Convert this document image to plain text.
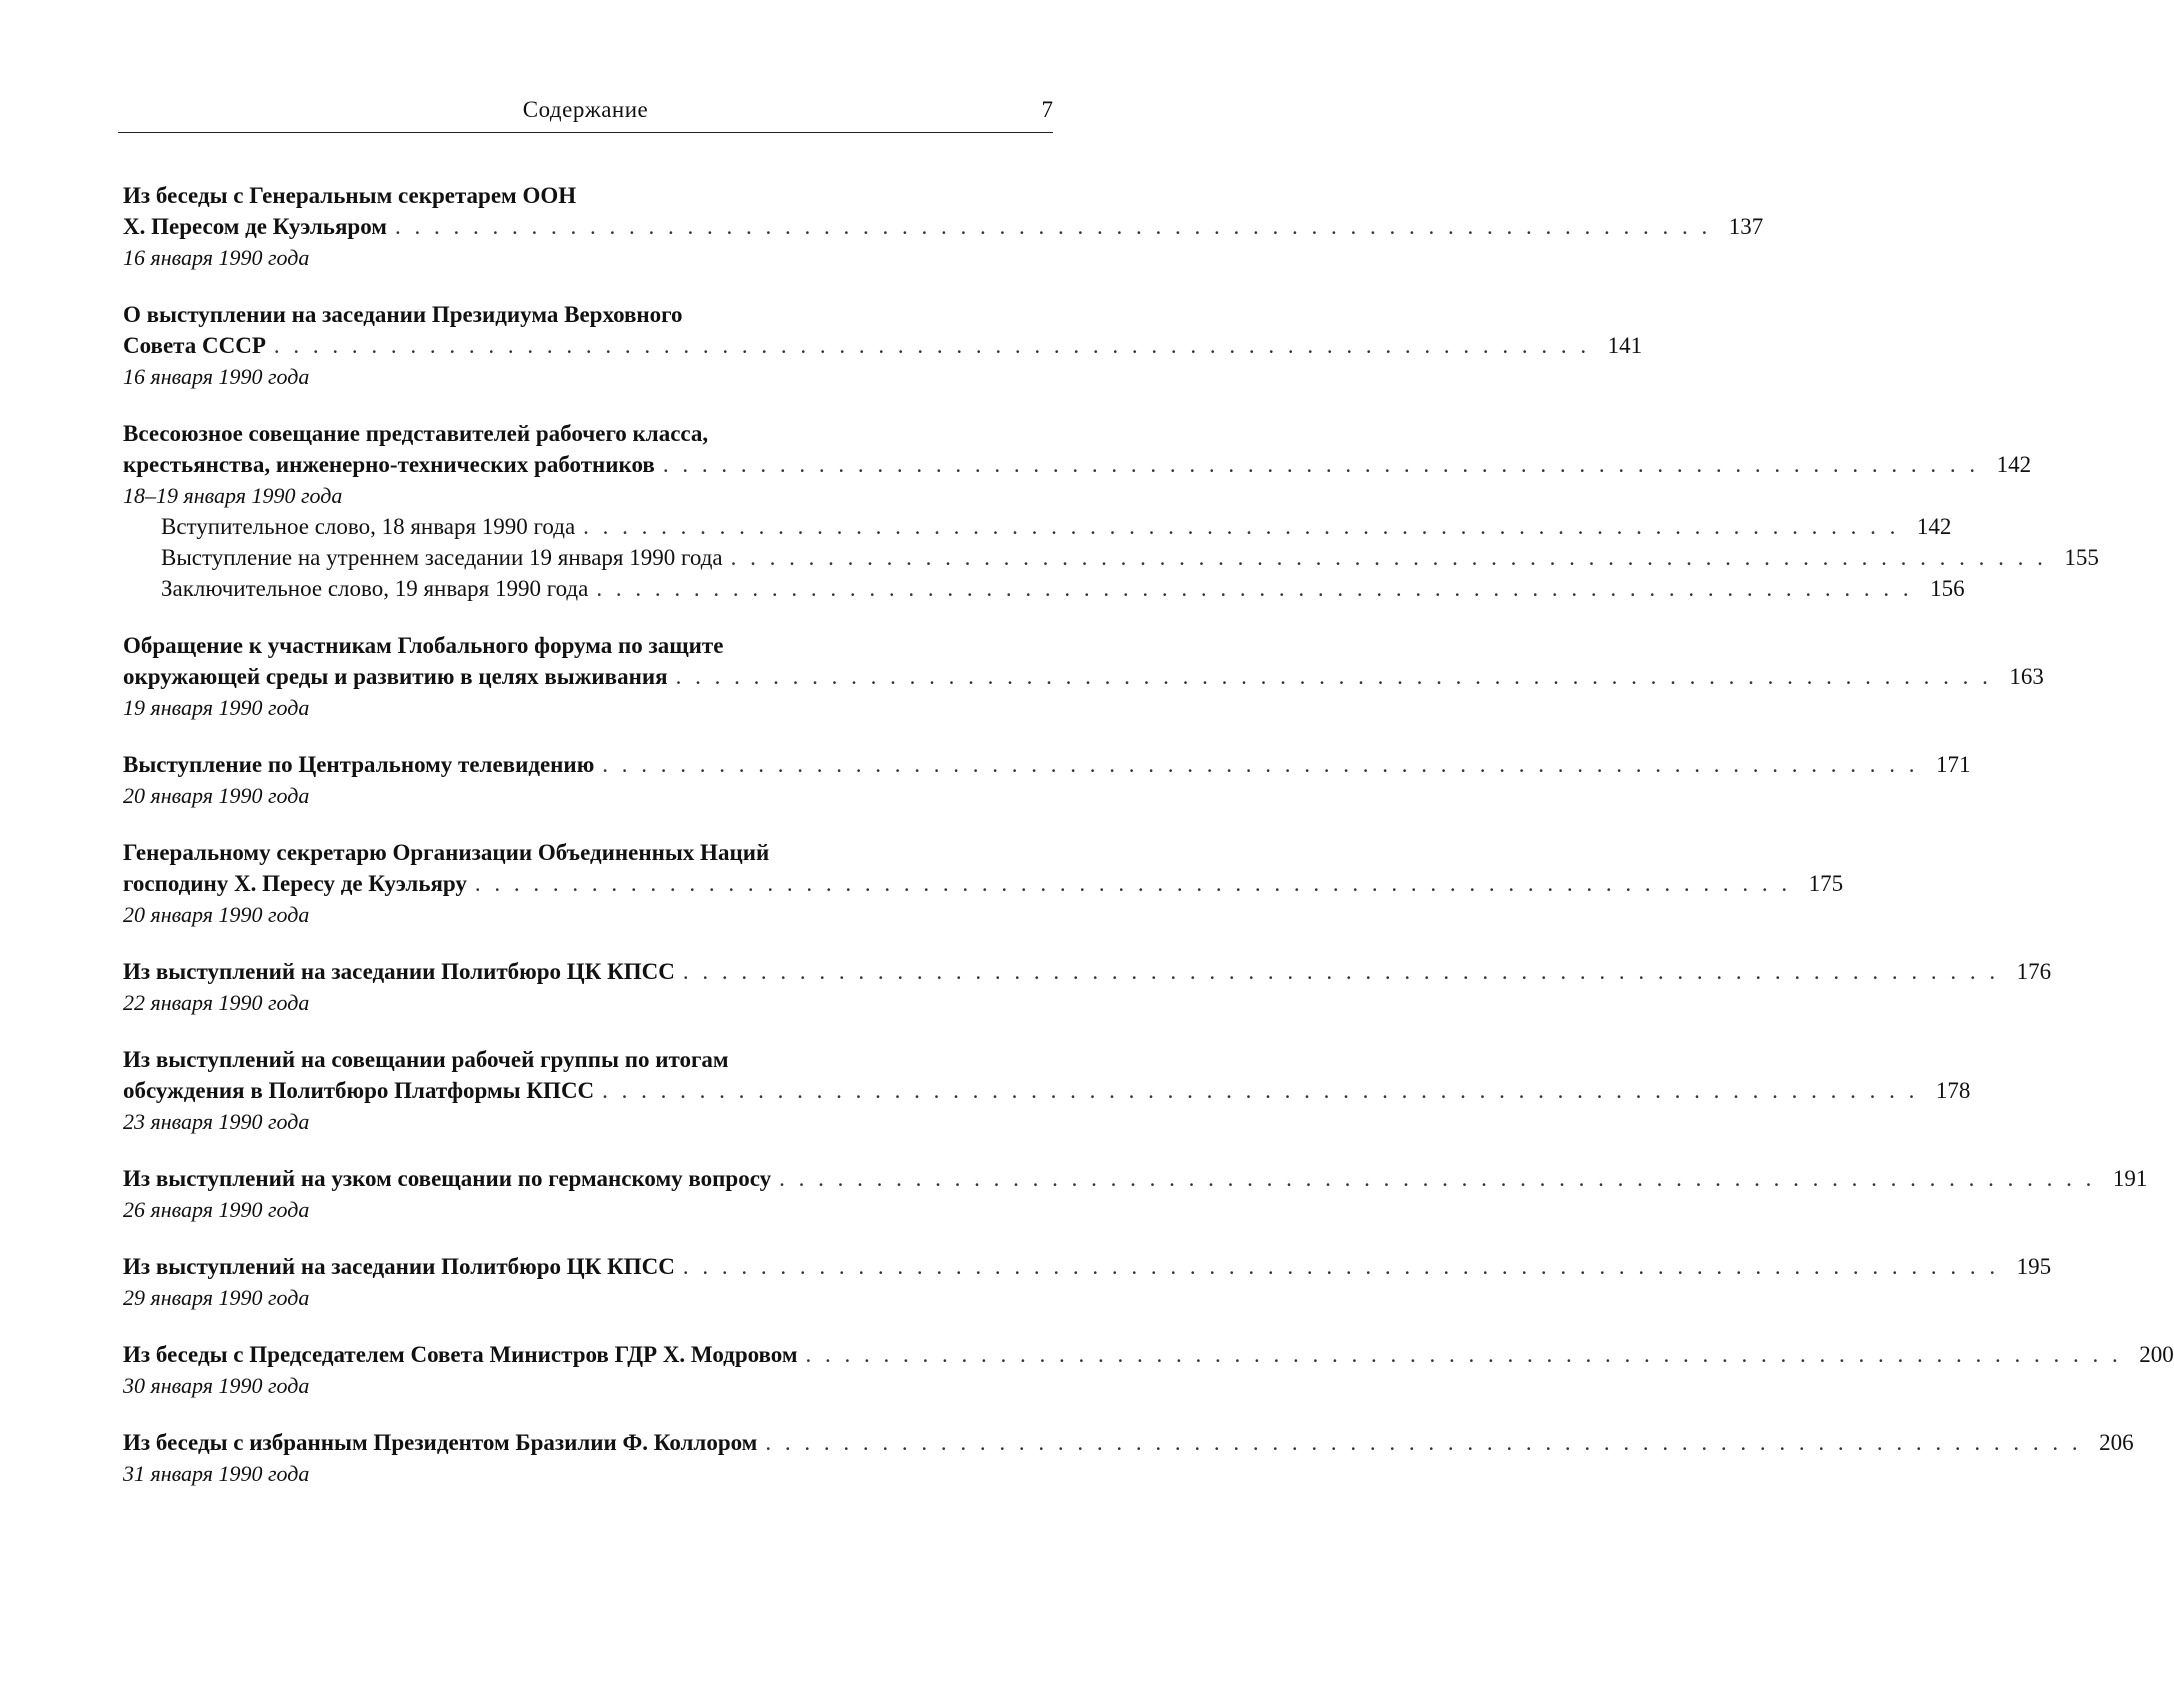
Содержание	7
Из беседы с Генеральным секретарем ООН
Х. Пересом де Куэльяром . . . . . . . . . . . . . . . . . . . . . . . . . . . . . . . . . . . . . . . . . . . . . . . . . . . . . . . . . . . . . . . . . . . . 137
16 января 1990 года
О выступлении на заседании Президиума Верховного
Совета СССР . . . . . . . . . . . . . . . . . . . . . . . . . . . . . . . . . . . . . . . . . . . . . . . . . . . . . . . . . . . . . . . . . . . . 141
16 января 1990 года
Всесоюзное совещание представителей рабочего класса,
крестьянства, инженерно-технических работников . . . . . . . . . . . . . . . . . . . . . . . . . . . . . . . . . . . . . . . . . . . . . . . . . . . . . . . . . . . . . . . . . . . . 142
18–19 января 1990 года
Вступительное слово, 18 января 1990 года . . . . . . . . . . . . . . . . . . . . . . . . . . . . . . . . . . . . . . . . . . . . . . . . . . . . . . . . . . . . . . . . . . . . 142
Выступление на утреннем заседании 19 января 1990 года . . . . . . . . . . . . . . . . . . . . . . . . . . . . . . . . . . . . . . . . . . . . . . . . . . . . . . . . . . . . . . . . . . . . 155
Заключительное слово, 19 января 1990 года . . . . . . . . . . . . . . . . . . . . . . . . . . . . . . . . . . . . . . . . . . . . . . . . . . . . . . . . . . . . . . . . . . . . 156
Обращение к участникам Глобального форума по защите
окружающей среды и развитию в целях выживания . . . . . . . . . . . . . . . . . . . . . . . . . . . . . . . . . . . . . . . . . . . . . . . . . . . . . . . . . . . . . . . . . . . . 163
19 января 1990 года
Выступление по Центральному телевидению . . . . . . . . . . . . . . . . . . . . . . . . . . . . . . . . . . . . . . . . . . . . . . . . . . . . . . . . . . . . . . . . . . . . 171
20 января 1990 года
Генеральному секретарю Организации Объединенных Наций
господину Х. Пересу де Куэльяру . . . . . . . . . . . . . . . . . . . . . . . . . . . . . . . . . . . . . . . . . . . . . . . . . . . . . . . . . . . . . . . . . . . . 175
20 января 1990 года
Из выступлений на заседании Политбюро ЦК КПСС . . . . . . . . . . . . . . . . . . . . . . . . . . . . . . . . . . . . . . . . . . . . . . . . . . . . . . . . . . . . . . . . . . . . 176
22 января 1990 года
Из выступлений на совещании рабочей группы по итогам
обсуждения в Политбюро Платформы КПСС . . . . . . . . . . . . . . . . . . . . . . . . . . . . . . . . . . . . . . . . . . . . . . . . . . . . . . . . . . . . . . . . . . . . 178
23 января 1990 года
Из выступлений на узком совещании по германскому вопросу . . . . . . . . . . . . . . . . . . . . . . . . . . . . . . . . . . . . . . . . . . . . . . . . . . . . . . . . . . . . . . . . . . . . 191
26 января 1990 года
Из выступлений на заседании Политбюро ЦК КПСС . . . . . . . . . . . . . . . . . . . . . . . . . . . . . . . . . . . . . . . . . . . . . . . . . . . . . . . . . . . . . . . . . . . . 195
29 января 1990 года
Из беседы с Председателем Совета Министров ГДР Х. Модровом . . . . . . . . . . . . . . . . . . . . . . . . . . . . . . . . . . . . . . . . . . . . . . . . . . . . . . . . . . . . . . . . . . . . 200
30 января 1990 года
Из беседы с избранным Президентом Бразилии Ф. Коллором . . . . . . . . . . . . . . . . . . . . . . . . . . . . . . . . . . . . . . . . . . . . . . . . . . . . . . . . . . . . . . . . . . . . 206
31 января 1990 года
